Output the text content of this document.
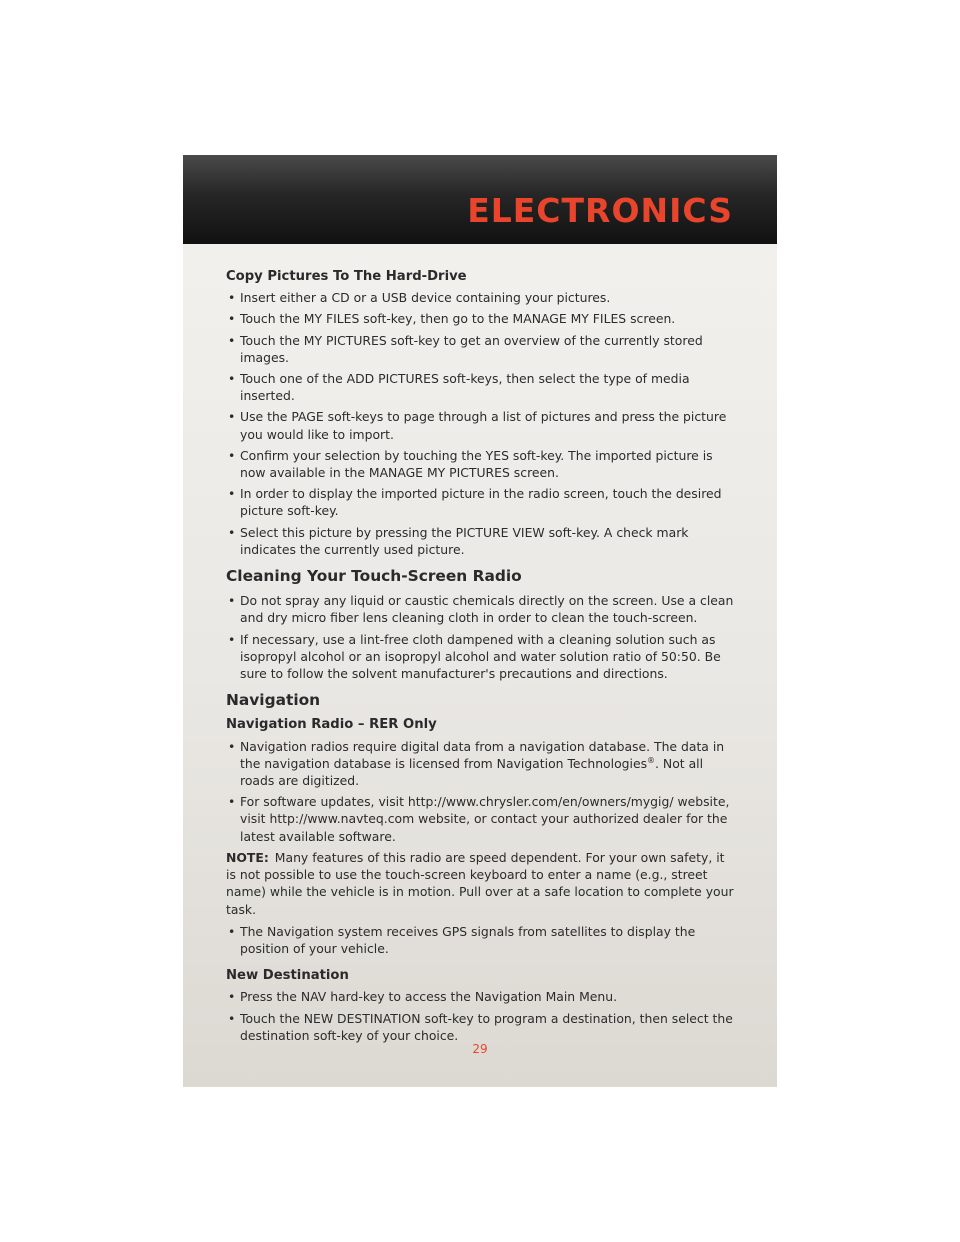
ELECTRONICS
Copy Pictures To The Hard-Drive
• Insert either a CD or a USB device containing your pictures.
• Touch the MY FILES soft-key, then go to the MANAGE MY FILES screen.
• Touch the MY PICTURES soft-key to get an overview of the currently stored images.
• Touch one of the ADD PICTURES soft-keys, then select the type of media inserted.
• Use the PAGE soft-keys to page through a list of pictures and press the picture you would like to import.
• Confirm your selection by touching the YES soft-key. The imported picture is now available in the MANAGE MY PICTURES screen.
• In order to display the imported picture in the radio screen, touch the desired picture soft-key.
• Select this picture by pressing the PICTURE VIEW soft-key. A check mark indicates the currently used picture.
Cleaning Your Touch-Screen Radio
• Do not spray any liquid or caustic chemicals directly on the screen. Use a clean and dry micro fiber lens cleaning cloth in order to clean the touch-screen.
• If necessary, use a lint-free cloth dampened with a cleaning solution such as isopropyl alcohol or an isopropyl alcohol and water solution ratio of 50:50. Be sure to follow the solvent manufacturer's precautions and directions.
Navigation
Navigation Radio – RER Only
• Navigation radios require digital data from a navigation database. The data in the navigation database is licensed from Navigation Technologies®. Not all roads are digitized.
• For software updates, visit http://www.chrysler.com/en/owners/mygig/ website, visit http://www.navteq.com website, or contact your authorized dealer for the latest available software.
NOTE: Many features of this radio are speed dependent. For your own safety, it is not possible to use the touch-screen keyboard to enter a name (e.g., street name) while the vehicle is in motion. Pull over at a safe location to complete your task.
• The Navigation system receives GPS signals from satellites to display the position of your vehicle.
New Destination
• Press the NAV hard-key to access the Navigation Main Menu.
• Touch the NEW DESTINATION soft-key to program a destination, then select the destination soft-key of your choice.
29
